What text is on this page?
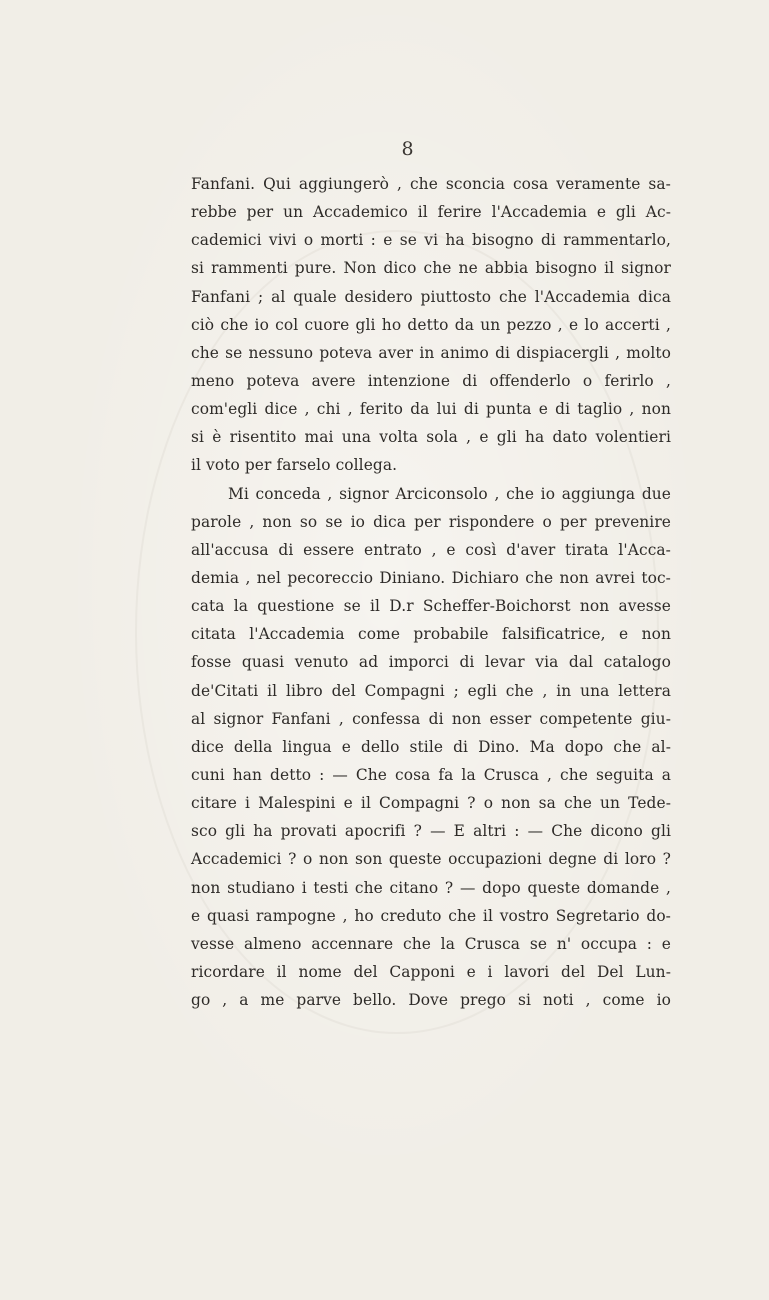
8
Fanfani. Qui aggiungerò , che sconcia cosa veramente sa-
rebbe per un Accademico il ferire l'Accademia e gli Ac-
cademici vivi o morti : e se vi ha bisogno di rammentarlo,
si rammenti pure. Non dico che ne abbia bisogno il signor
Fanfani ; al quale desidero piuttosto che l'Accademia dica
ciò che io col cuore gli ho detto da un pezzo , e lo accerti ,
che se nessuno poteva aver in animo di dispiacergli , molto
meno poteva avere intenzione di offenderlo o ferirlo ,
com'egli dice , chi , ferito da lui di punta e di taglio , non
si è risentito mai una volta sola , e gli ha dato volentieri
il voto per farselo collega.
Mi conceda , signor Arciconsolo , che io aggiunga due
parole , non so se io dica per rispondere o per prevenire
all'accusa di essere entrato , e così d'aver tirata l'Acca-
demia , nel pecoreccio Diniano. Dichiaro che non avrei toc-
cata la questione se il D.r Scheffer-Boichorst non avesse
citata l'Accademia come probabile falsificatrice, e non
fosse quasi venuto ad imporci di levar via dal catalogo
de'Citati il libro del Compagni ; egli che , in una lettera
al signor Fanfani , confessa di non esser competente giu-
dice della lingua e dello stile di Dino. Ma dopo che al-
cuni han detto : — Che cosa fa la Crusca , che seguita a
citare i Malespini e il Compagni ? o non sa che un Tede-
sco gli ha provati apocrifi ? — E altri : — Che dicono gli
Accademici ? o non son queste occupazioni degne di loro ?
non studiano i testi che citano ? — dopo queste domande ,
e quasi rampogne , ho creduto che il vostro Segretario do-
vesse almeno accennare che la Crusca se n' occupa : e
ricordare il nome del Capponi e i lavori del Del Lun-
go , a me parve bello. Dove prego si noti , come io
